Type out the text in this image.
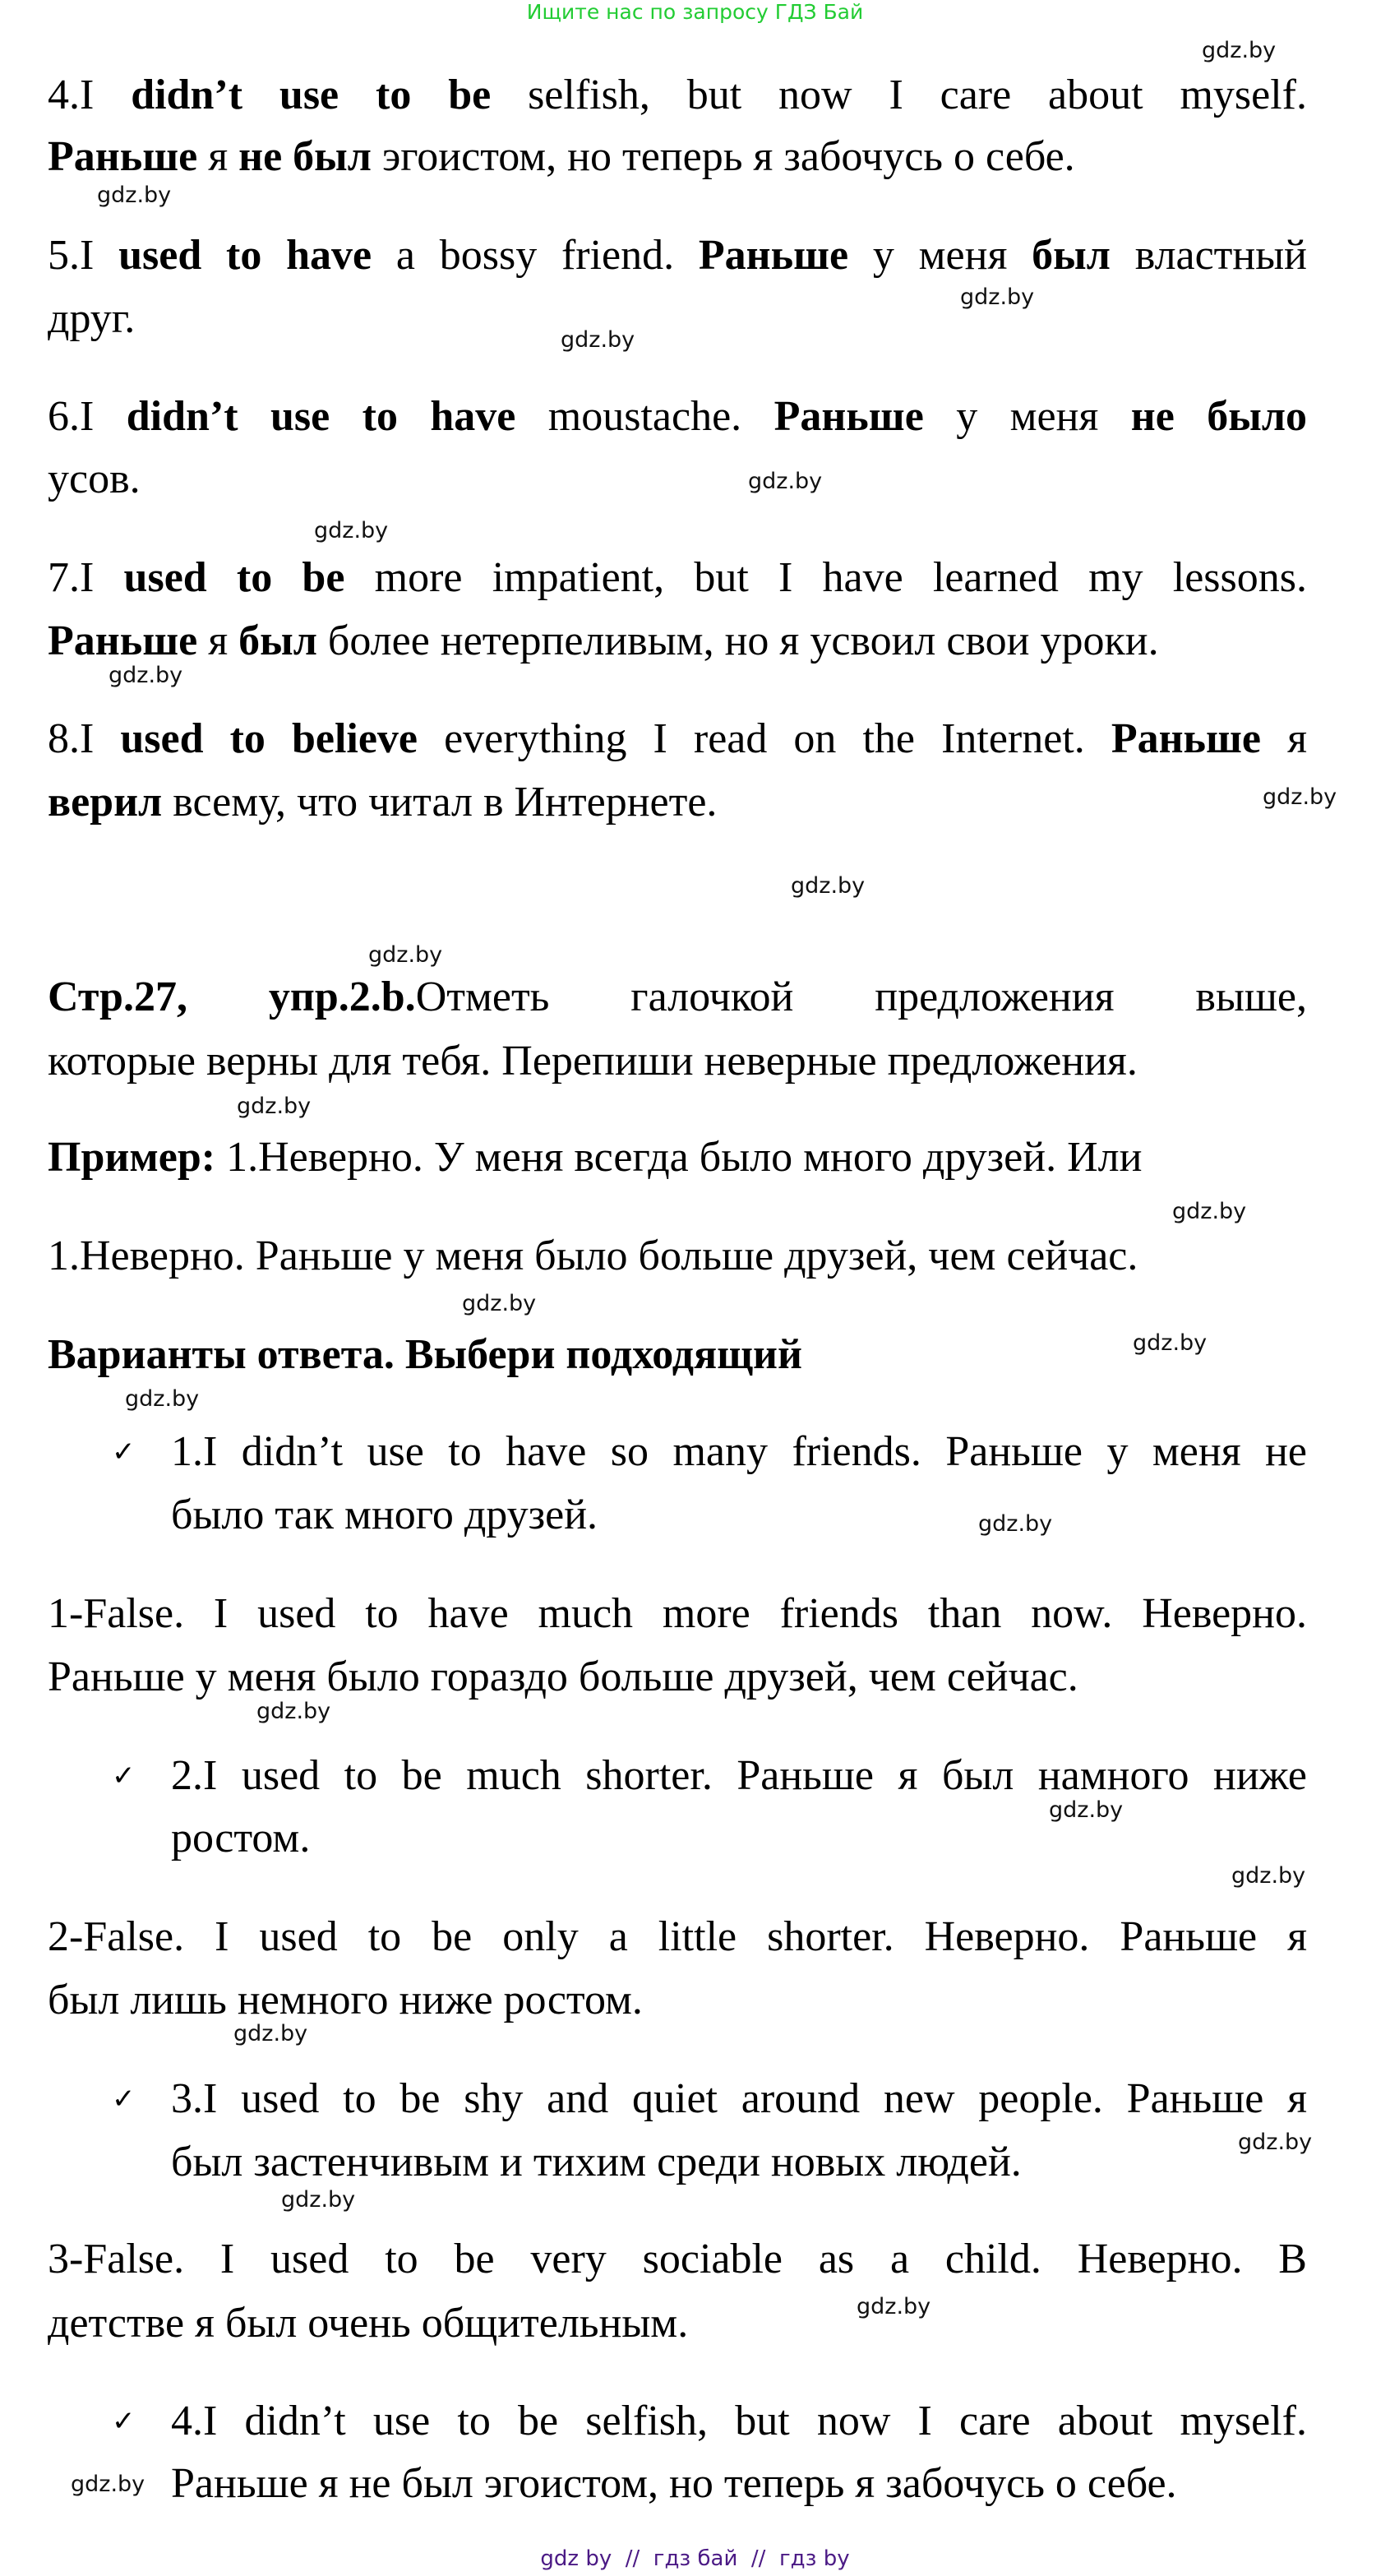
Ищите нас по запросу ГДЗ Бай
4.I didn’t use to be selfish, but now I care about myself.
Раньше я не был эгоистом, но теперь я забочусь о себе.
5.I used to have a bossy friend. Раньше у меня был властный
друг.
6.I didn’t use to have moustache. Раньше у меня не было
усов.
7.I used to be more impatient, but I have learned my lessons.
Раньше я был более нетерпеливым, но я усвоил свои уроки.
8.I used to believe everything I read on the Internet. Раньше я
верил всему, что читал в Интернете.
Стр.27, упр.2.b.Отметь галочкой предложения выше,
которые верны для тебя. Перепиши неверные предложения.
Пример: 1.Неверно. У меня всегда было много друзей. Или
1.Неверно. Раньше у меня было больше друзей, чем сейчас.
Варианты ответа. Выбери подходящий
✓ 1.I didn’t use to have so many friends. Раньше у меня не
было так много друзей.
1-False. I used to have much more friends than now. Неверно.
Раньше у меня было гораздо больше друзей, чем сейчас.
✓ 2.I used to be much shorter. Раньше я был намного ниже
ростом.
2-False. I used to be only a little shorter. Неверно. Раньше я
был лишь немного ниже ростом.
✓ 3.I used to be shy and quiet around new people. Раньше я
был застенчивым и тихим среди новых людей.
3-False. I used to be very sociable as a child. Неверно. В
детстве я был очень общительным.
✓ 4.I didn’t use to be selfish, but now I care about myself.
Раньше я не был эгоистом, но теперь я забочусь о себе.
gdz.by
gdz.by
gdz.by
gdz.by
gdz.by
gdz.by
gdz.by
gdz.by
gdz.by
gdz.by
gdz.by
gdz.by
gdz.by
gdz.by
gdz.by
gdz.by
gdz.by
gdz.by
gdz.by
gdz.by
gdz.by
gdz.by
gdz.by
gdz.by
gdz by  //  гдз бай  //  гдз by
